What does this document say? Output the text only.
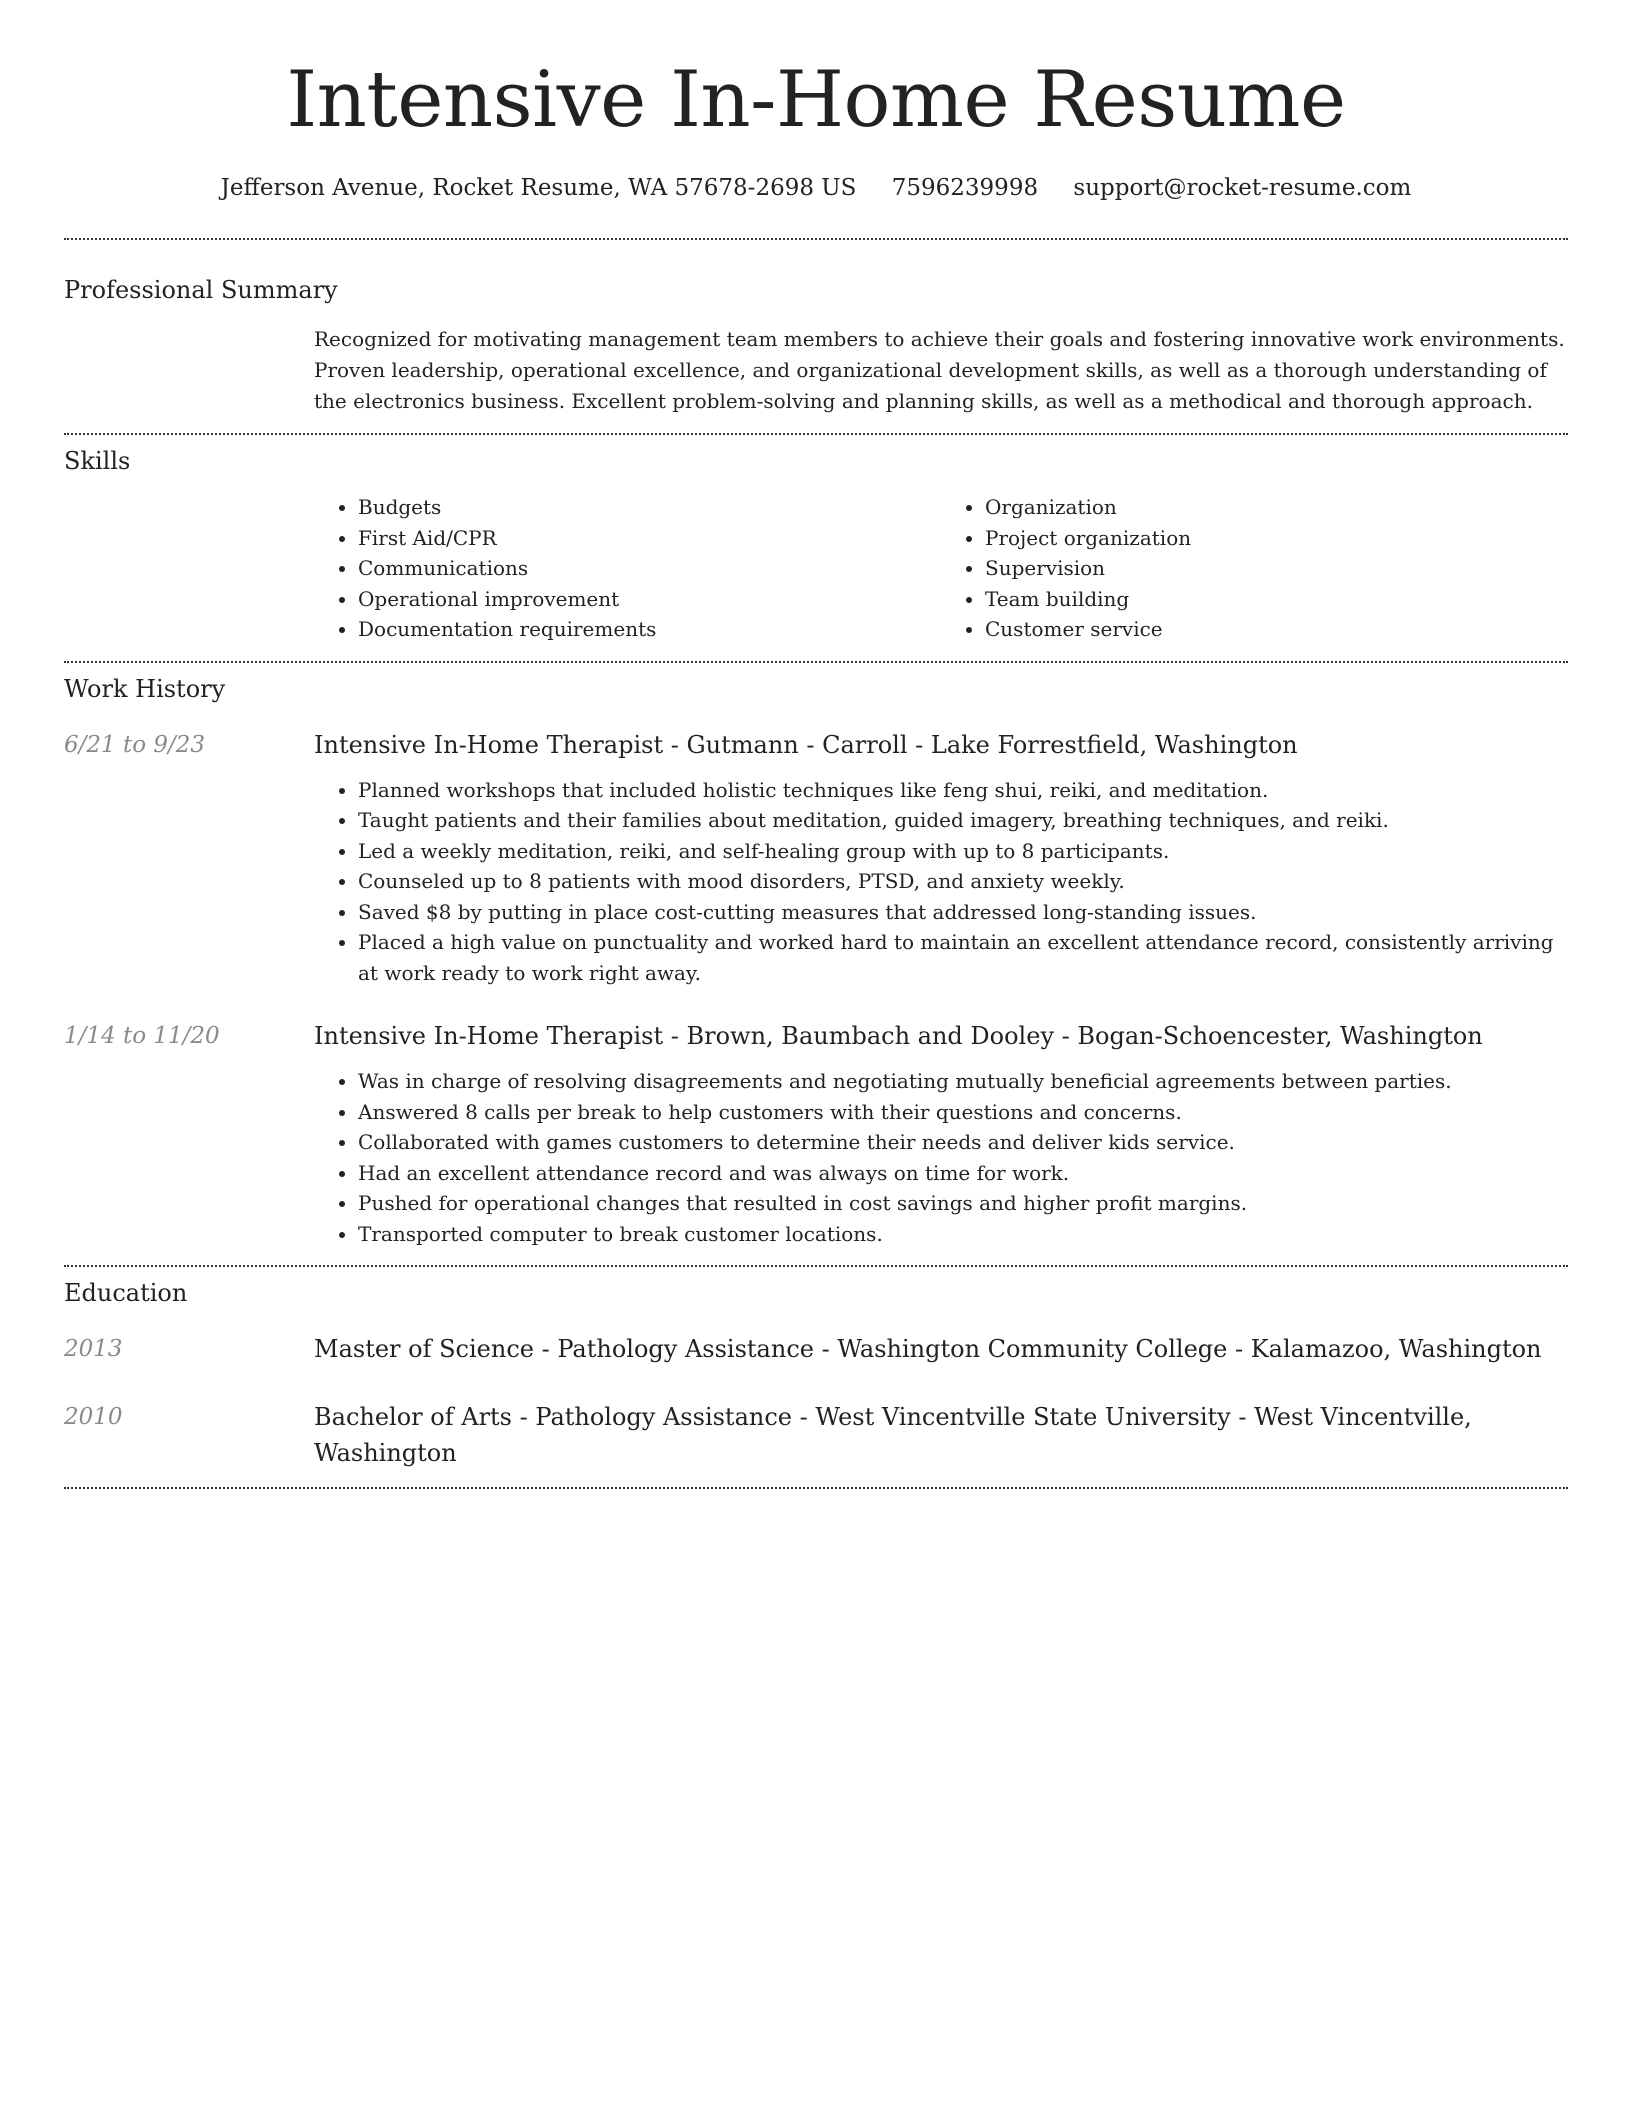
Intensive In-Home Resume
Jefferson Avenue, Rocket Resume, WA 57678-2698 US 7596239998 support@rocket-resume.com
Professional Summary

Recognized for motivating management team members to achieve their goals and fostering innovative work environments. Proven leadership, operational excellence, and organizational development skills, as well as a thorough understanding of the electronics business. Excellent problem-solving and planning skills, as well as a methodical and thorough approach.

Skills
• Budgets
• First Aid/CPR
• Communications
• Operational improvement
• Documentation requirements
• Organization
• Project organization
• Supervision
• Team building
• Customer service
Work History
6/21 to 9/23	Intensive In-Home Therapist - Gutmann - Carroll - Lake Forrestfield, Washington
• Planned workshops that included holistic techniques like feng shui, reiki, and meditation.
• Taught patients and their families about meditation, guided imagery, breathing techniques, and reiki.
• Led a weekly meditation, reiki, and self-healing group with up to 8 participants.
• Counseled up to 8 patients with mood disorders, PTSD, and anxiety weekly.
• Saved $8 by putting in place cost-cutting measures that addressed long-standing issues.
• Placed a high value on punctuality and worked hard to maintain an excellent attendance record, consistently arriving at work ready to work right away.
1/14 to 11/20	Intensive In-Home Therapist - Brown, Baumbach and Dooley - Bogan-Schoencester, Washington
• Was in charge of resolving disagreements and negotiating mutually beneficial agreements between parties.
• Answered 8 calls per break to help customers with their questions and concerns.
• Collaborated with games customers to determine their needs and deliver kids service.
• Had an excellent attendance record and was always on time for work.
• Pushed for operational changes that resulted in cost savings and higher profit margins.
• Transported computer to break customer locations.
Education
2013	Master of Science - Pathology Assistance - Washington Community College - Kalamazoo, Washington

2010	Bachelor of Arts - Pathology Assistance - West Vincentville State University - West Vincentville, Washington
